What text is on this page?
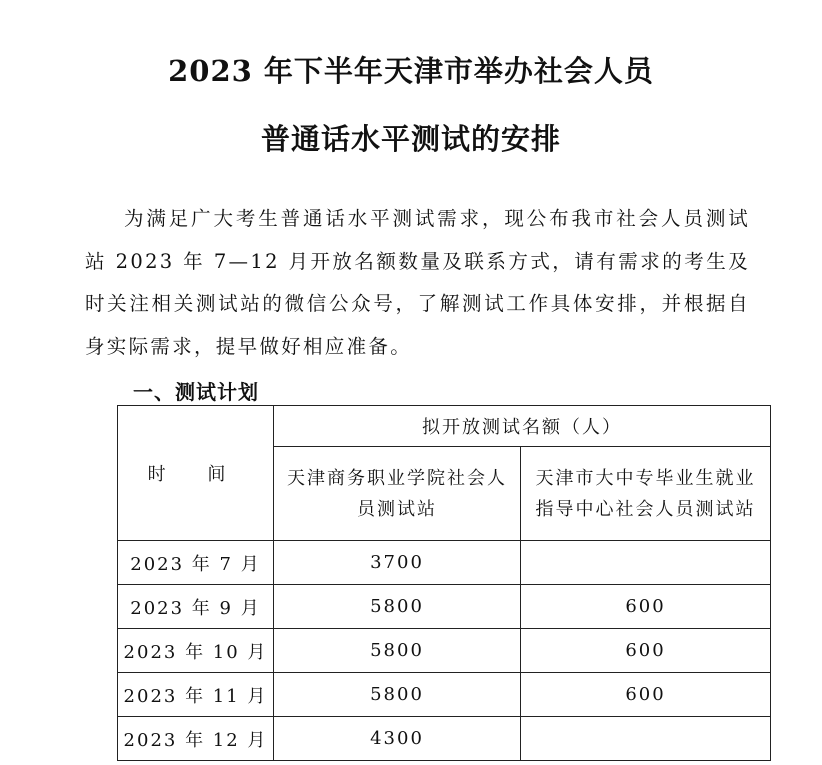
2023 年下半年天津市举办社会人员
普通话水平测试的安排

为满足广大考生普通话水平测试需求，现公布我市社会人员测试站 2023 年 7—12 月开放名额数量及联系方式，请有需求的考生及时关注相关测试站的微信公众号，了解测试工作具体安排，并根据自身实际需求，提早做好相应准备。

一、测试计划
时 间	拟开放测试名额（人）	
	天津商务职业学院社会人员测试站	天津市大中专毕业生就业指导中心社会人员测试站
2023 年 7 月	3700	
2023 年 9 月	5800	600
2023 年 10 月	5800	600
2023 年 11 月	5800	600
2023 年 12 月	4300	
